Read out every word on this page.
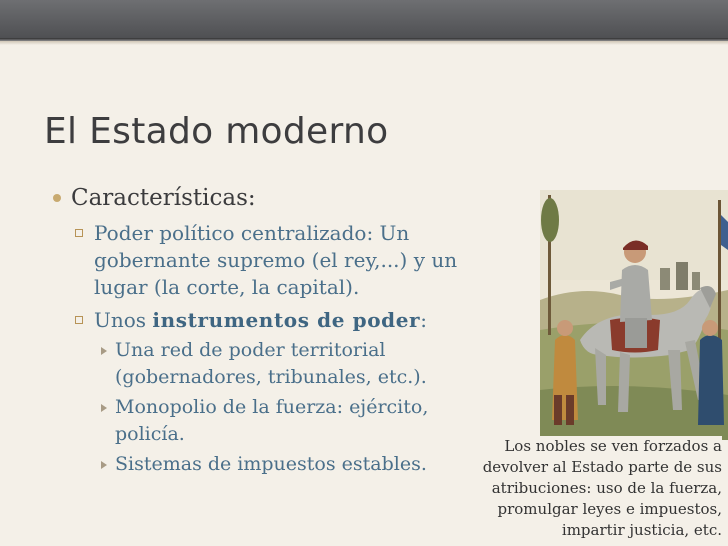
El Estado moderno
Características:
Poder político centralizado: Un gobernante supremo (el rey,...) y un lugar (la corte, la capital).
Unos instrumentos de poder:
Una red de poder territorial (gobernadores, tribunales, etc.).
Monopolio de la fuerza: ejército, policía.
Sistemas de impuestos estables.
Los nobles se ven forzados a devolver al Estado parte de sus atribuciones: uso de la fuerza, promulgar leyes e impuestos, impartir justicia, etc.
